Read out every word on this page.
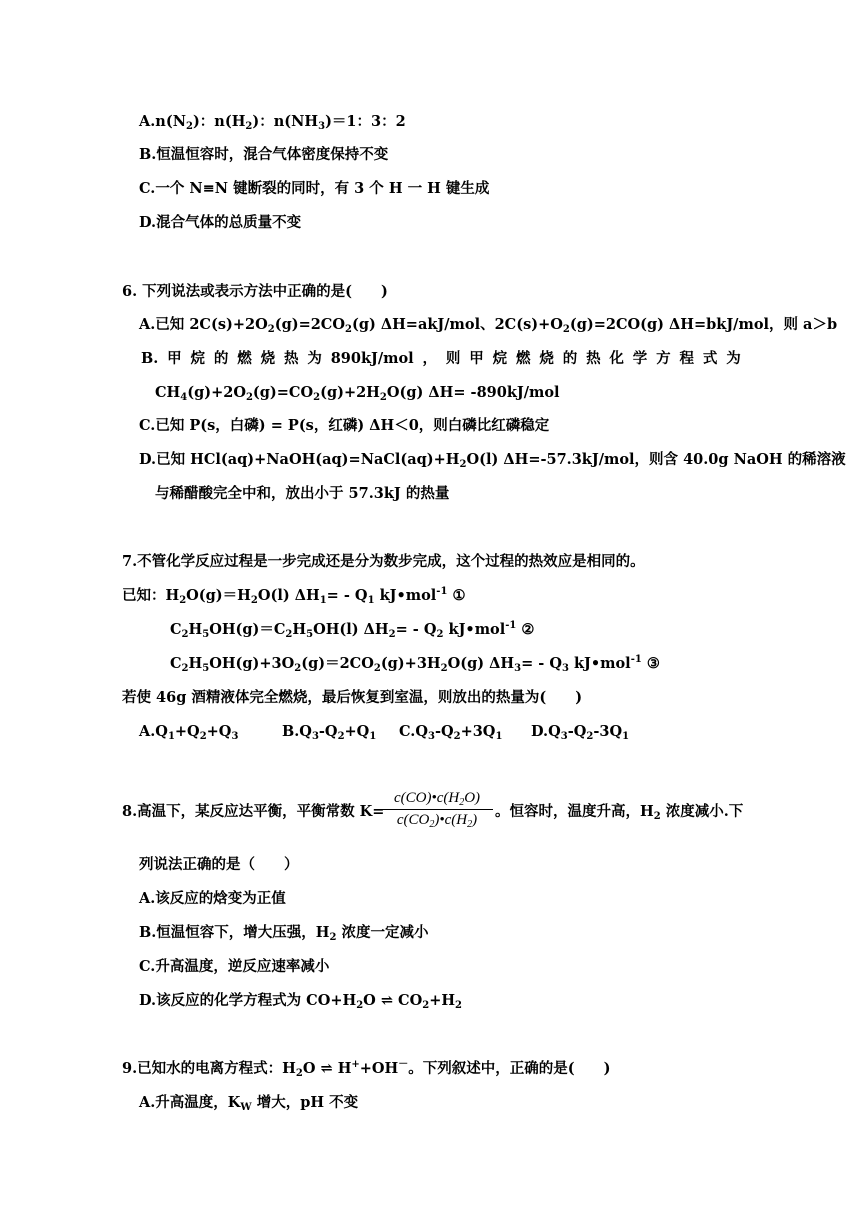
$A.n(N_2)$：$n(H_2)$：$n(NH_3)=1$：3：2
B.恒温恒容时，混合气体密度保持不变
C.一个 N≡N 键断裂的同时，有 3 个 H 一 H 键生成
D.混合气体的总质量不变
6. 下列说法或表示方法中正确的是(　　)
A.已知 $2C(s)+2O_2(g)=2CO_2(g)$ ΔH=akJ/mol、$2C(s)+O_2(g)=2CO(g)$ ΔH=bkJ/mol，则 a＞b
B. 甲 烷 的 燃 烧 热 为 890kJ/mol ， 则 甲 烷 燃 烧 的 热 化 学 方 程 式 为
$CH_4(g)+2O_2(g)=CO_2(g)+2H_2O(g)$ ΔH= -890kJ/mol
C.已知 P(s，白磷) = P(s，红磷) ΔH＜0，则白磷比红磷稳定
D.已知 $HCl(aq)+NaOH(aq)=NaCl(aq)+H_2O(l)$ ΔH=-57.3kJ/mol，则含 40.0g NaOH 的稀溶液
与稀醋酸完全中和，放出小于 57.3kJ 的热量
7.不管化学反应过程是一步完成还是分为数步完成，这个过程的热效应是相同的。
已知：$H_2O(g)=H_2O(l)$ $\Delta H_1= - Q_1$ kJ•mol$^{-1}$ ①
$C_2H_5OH(g)=C_2H_5OH(l)$ $\Delta H_2= - Q_2$ kJ•mol$^{-1}$ ②
$C_2H_5OH(g)+3O_2(g)=2CO_2(g)+3H_2O(g)$ $\Delta H_3= - Q_3$ kJ•mol$^{-1}$ ③
若使 46g 酒精液体完全燃烧，最后恢复到室温，则放出的热量为(　　)
$A.Q_1+Q_2+Q_3$	$B.Q_3-Q_2+Q_1$ $C.Q_3-Q_2+3Q_1$ $D.Q_3-Q_2-3Q_1$
8.高温下，某反应达平衡，平衡常数 K=
$c(CO)•c(H_2O)$
$c(CO_2)•c(H_2)$	。恒容时，温度升高，$H_2$ 浓度减小.下
列说法正确的是（　　）
A.该反应的焓变为正值
B.恒温恒容下，增大压强，$H_2$ 浓度一定减小
C.升高温度，逆反应速率减小
D.该反应的化学方程式为 $CO+H_2O$ ⇌ $CO_2+H_2$
9.已知水的电离方程式：$H_2O$ ⇌ H++OH－。下列叙述中，正确的是(　　)
A.升高温度，$K_W$ 增大，pH 不变
